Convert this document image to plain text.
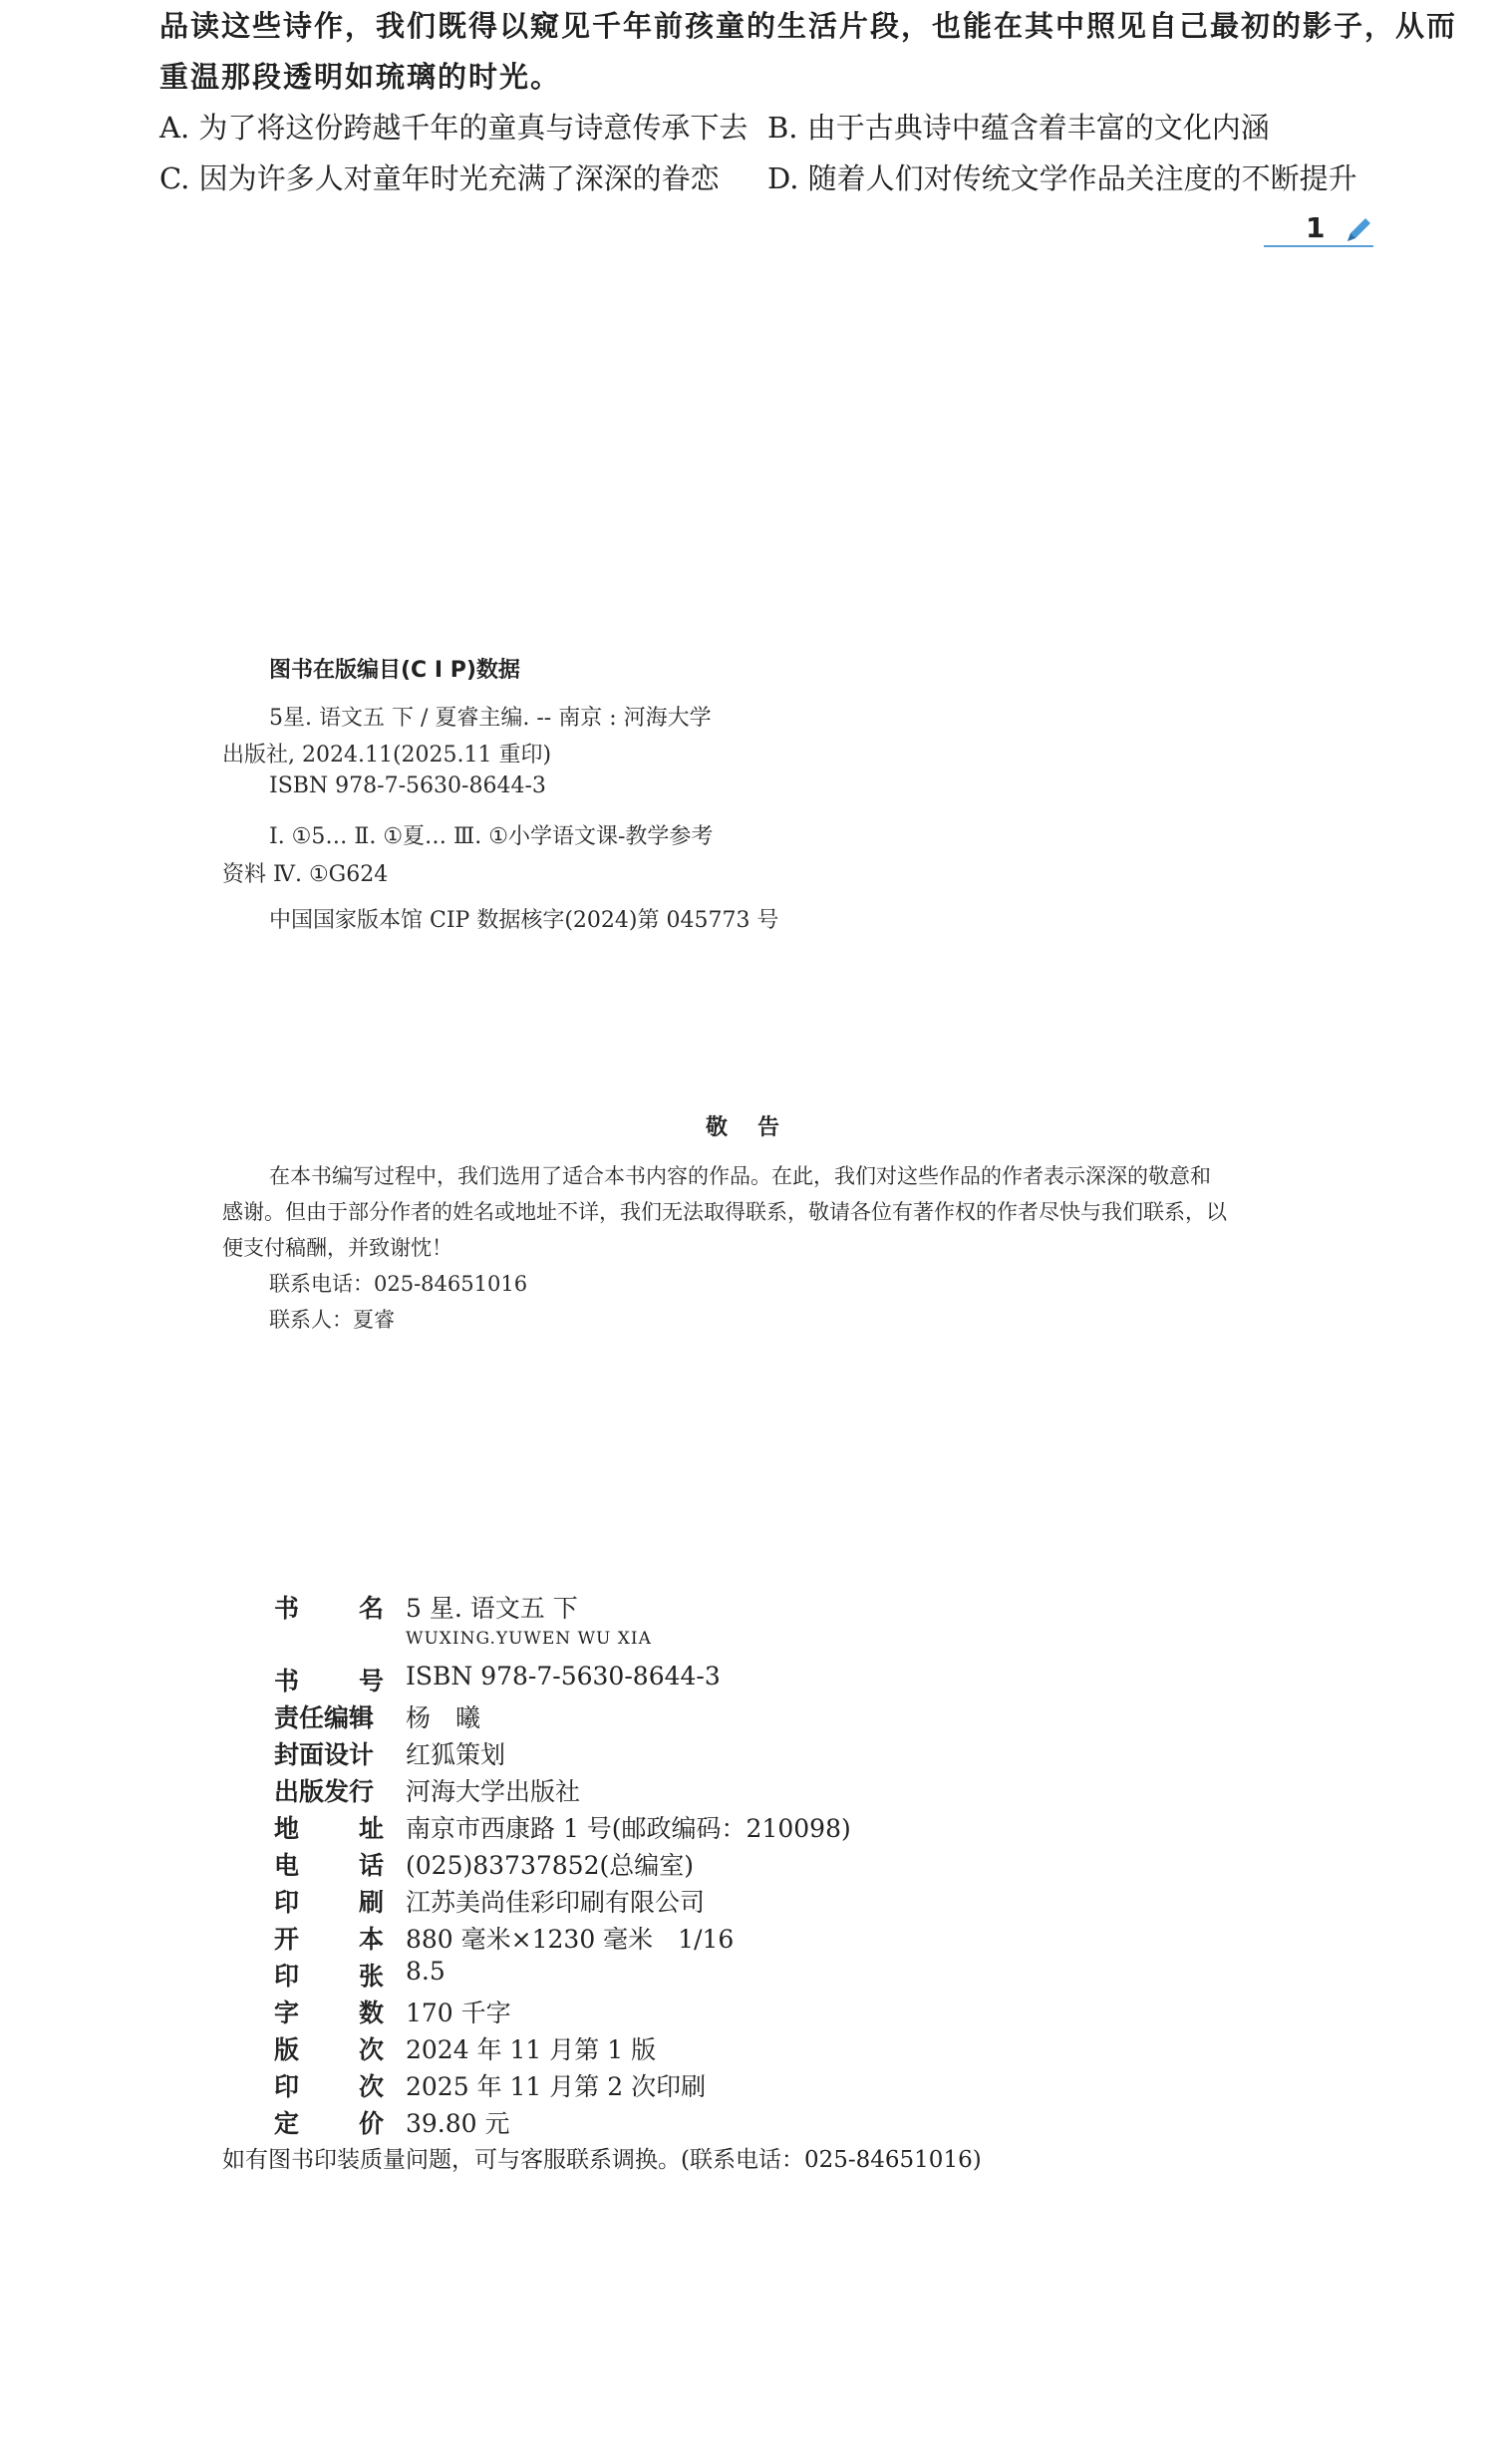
品读这些诗作，我们既得以窥见千年前孩童的生活片段，也能在其中照见自己最初的影子，从而
重温那段透明如琉璃的时光。
A. 为了将这份跨越千年的童真与诗意传承下去 B. 由于古典诗中蕴含着丰富的文化内涵
C. 因为许多人对童年时光充满了深深的眷恋 D. 随着人们对传统文学作品关注度的不断提升
1
图书在版编目(C I P)数据
5星. 语文五 下 / 夏睿主编. -- 南京 : 河海大学
出版社, 2024.11(2025.11 重印)
ISBN 978-7-5630-8644-3
Ⅰ. ①5… Ⅱ. ①夏… Ⅲ. ①小学语文课-教学参考
资料 Ⅳ. ①G624
中国国家版本馆 CIP 数据核字(2024)第 045773 号
敬告
在本书编写过程中，我们选用了适合本书内容的作品。在此，我们对这些作品的作者表示深深的敬意和
感谢。但由于部分作者的姓名或地址不详，我们无法取得联系，敬请各位有著作权的作者尽快与我们联系，以
便支付稿酬，并致谢忱！
联系电话：025-84651016
联系人：夏睿
书 名 5 星. 语文五 下
WUXING.YUWEN WU XIA
书 号 ISBN 978-7-5630-8644-3
责任编辑 杨　曦
封面设计 红狐策划
出版发行 河海大学出版社
地 址 南京市西康路 1 号(邮政编码：210098)
电 话 (025)83737852(总编室)
印 刷 江苏美尚佳彩印刷有限公司
开 本 880 毫米×1230 毫米　1/16
印 张 8.5
字 数 170 千字
版 次 2024 年 11 月第 1 版
印 次 2025 年 11 月第 2 次印刷
定 价 39.80 元
如有图书印装质量问题，可与客服联系调换。(联系电话：025-84651016)
